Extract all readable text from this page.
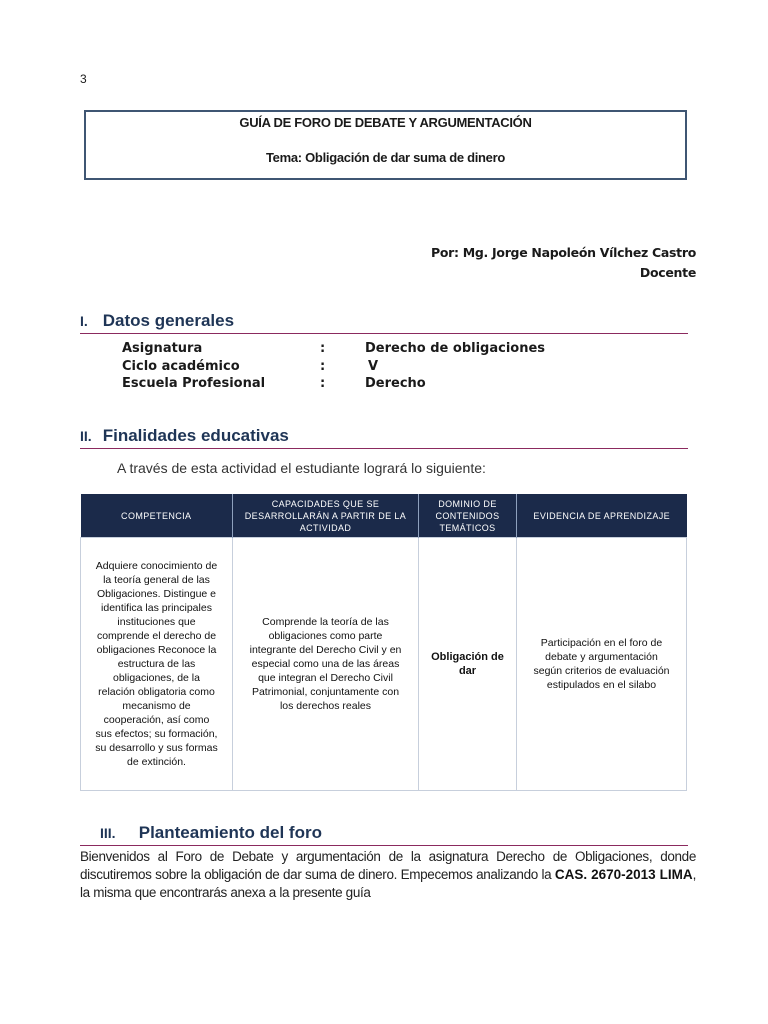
3
GUÍA DE FORO DE DEBATE Y ARGUMENTACIÓN
Tema: Obligación de dar suma de dinero
Por: Mg. Jorge Napoleón Vílchez Castro
Docente
I. Datos generales
Asignatura	:	Derecho de obligaciones
Ciclo académico	:	V
Escuela Profesional	:	Derecho
II. Finalidades educativas
A través de esta actividad el estudiante logrará lo siguiente:
COMPETENCIA	CAPACIDADES QUE SE DESARROLLARÁN A PARTIR DE LA ACTIVIDAD	DOMINIO DE CONTENIDOS TEMÁTICOS	EVIDENCIA DE APRENDIZAJE
Adquiere conocimiento de la teoría general de las Obligaciones. Distingue e identifica las principales instituciones que comprende el derecho de obligaciones Reconoce la estructura de las obligaciones, de la relación obligatoria como mecanismo de cooperación, así como sus efectos; su formación, su desarrollo y sus formas de extinción.	Comprende la teoría de las obligaciones como parte integrante del Derecho Civil y en especial como una de las áreas que integran el Derecho Civil Patrimonial, conjuntamente con los derechos reales	Obligación de dar	Participación en el foro de debate y argumentación según criterios de evaluación estipulados en el silabo
III. Planteamiento del foro
Bienvenidos al Foro de Debate y argumentación de la asignatura Derecho de Obligaciones, donde discutiremos sobre la obligación de dar suma de dinero. Empecemos analizando la CAS. 2670-2013 LIMA, la misma que encontrarás anexa a la presente guía
